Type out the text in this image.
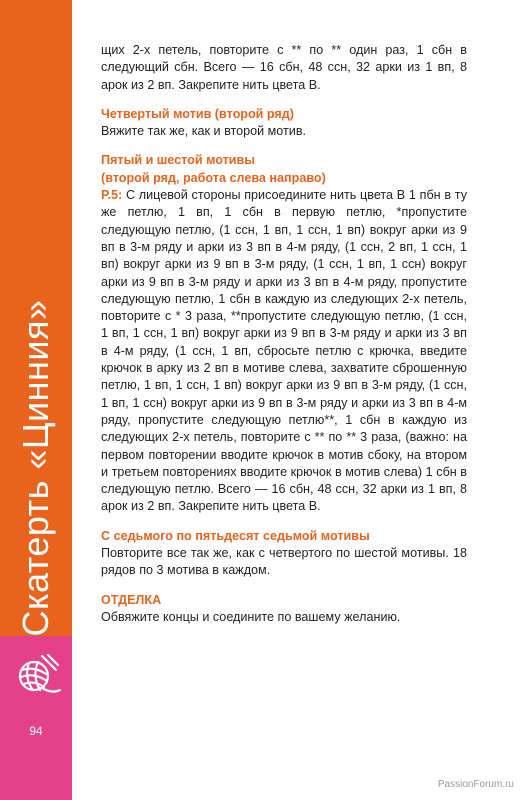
Скатерть «Цинния»
94

щих 2-х петель, повторите с ** по ** один раз, 1 сбн в следующий сбн. Всего — 16 сбн, 48 ссн, 32 арки из 1 вп, 8 арок из 2 вп. Закрепите нить цвета В.

Четвертый мотив (второй ряд)

Вяжите так же, как и второй мотив.

Пятый и шестой мотивы
(второй ряд, работа слева направо)

Р.5: С лицевой стороны присоедините нить цвета В 1 пбн в ту же петлю, 1 вп, 1 сбн в первую петлю, *пропустите следующую петлю, (1 ссн, 1 вп, 1 ссн, 1 вп) вокруг арки из 9 вп в 3-м ряду и арки из 3 вп в 4-м ряду, (1 ссн, 2 вп, 1 ссн, 1 вп) вокруг арки из 9 вп в 3-м ряду, (1 ссн, 1 вп, 1 ссн) вокруг арки из 9 вп в 3-м ряду и арки из 3 вп в 4-м ряду, пропустите следующую петлю, 1 сбн в каждую из следующих 2-х петель, повторите с * 3 раза, **пропустите следующую петлю, (1 ссн, 1 вп, 1 ссн, 1 вп) вокруг арки из 9 вп в 3-м ряду и арки из 3 вп в 4-м ряду, (1 ссн, 1 вп, сбросьте петлю с крючка, введите крючок в арку из 2 вп в мотиве слева, захватите сброшенную петлю, 1 вп, 1 ссн, 1 вп) вокруг арки из 9 вп в 3-м ряду, (1 ссн, 1 вп, 1 ссн) вокруг арки из 9 вп в 3-м ряду и арки из 3 вп в 4-м ряду, пропустите следующую петлю**, 1 сбн в каждую из следующих 2-х петель, повторите с ** по ** 3 раза, (важно: на первом повторении вводите крючок в мотив сбоку, на втором и третьем повторениях вводите крючок в мотив слева) 1 сбн в следующую петлю. Всего — 16 сбн, 48 ссн, 32 арки из 1 вп, 8 арок из 2 вп. Закрепите нить цвета В.

С седьмого по пятьдесят седьмой мотивы

Повторите все так же, как с четвертого по шестой мотивы. 18 рядов по 3 мотива в каждом.

ОТДЕЛКА

Обвяжите концы и соедините по вашему желанию.

PassionForum.ru
